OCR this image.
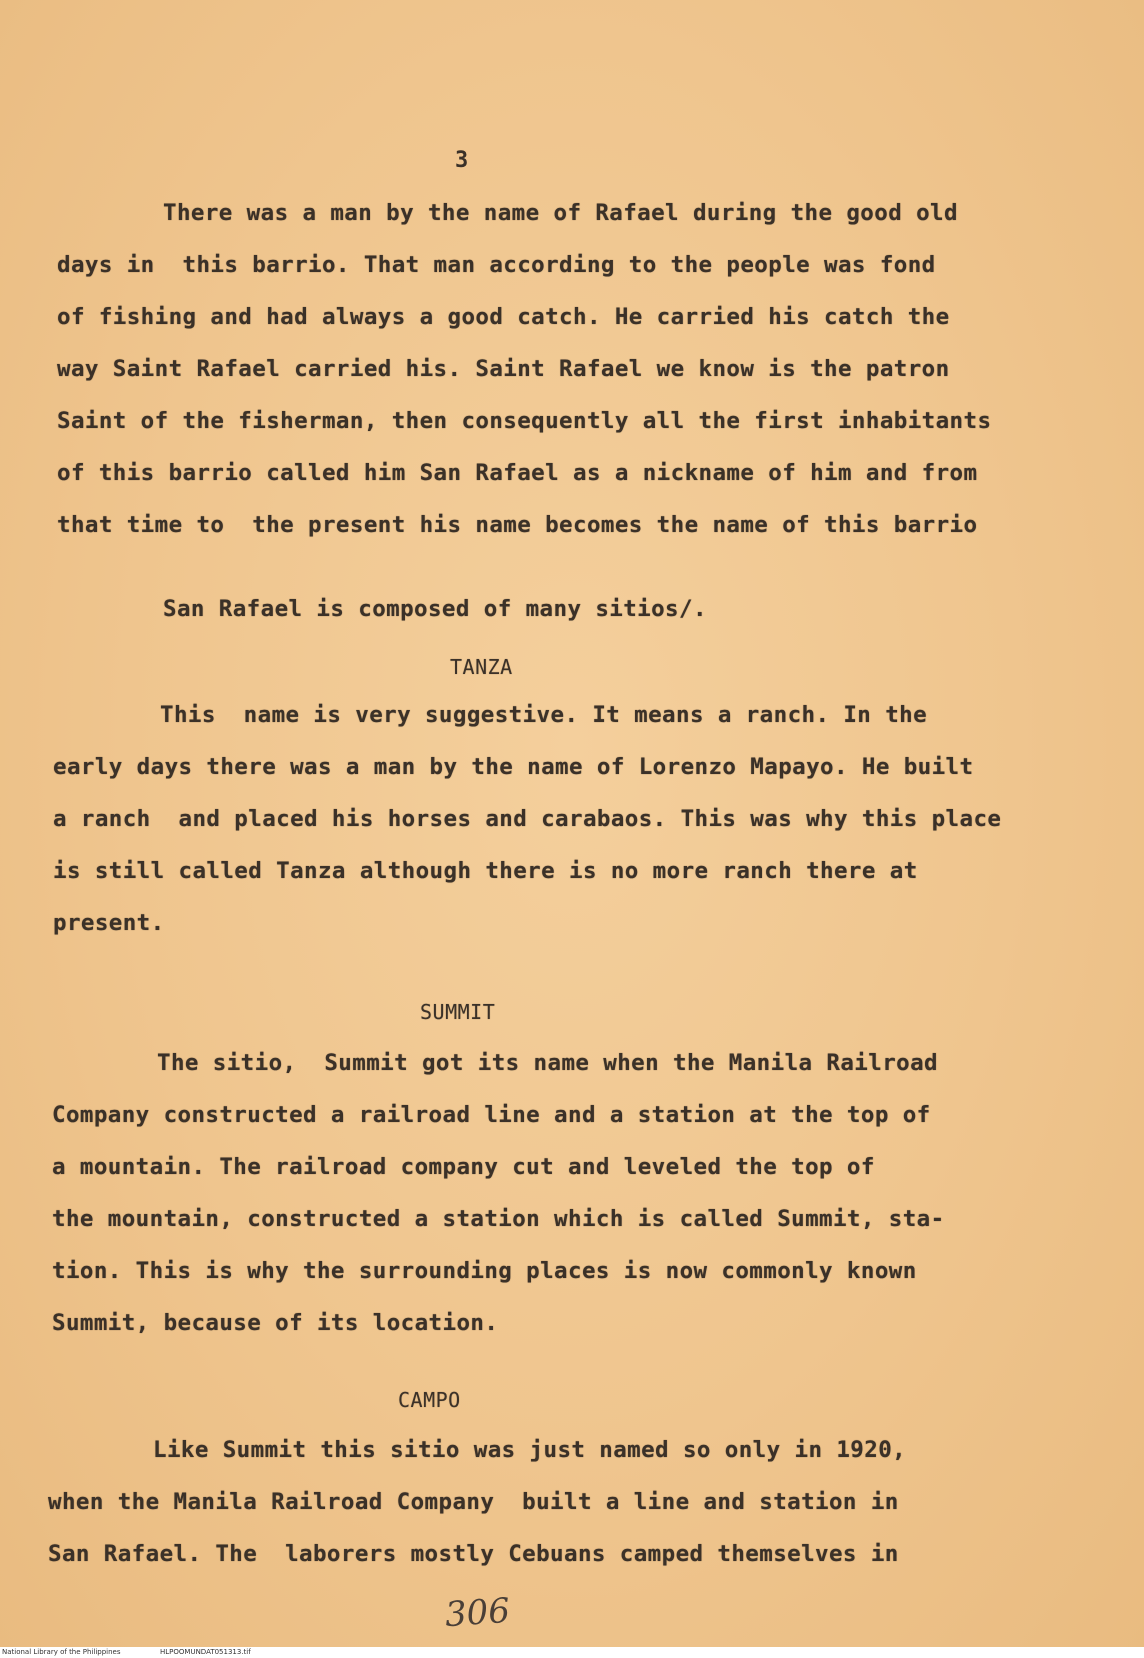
3
There was a man by the name of Rafael during the good old
days in  this barrio. That man according to the people was fond
of fishing and had always a good catch. He carried his catch the
way Saint Rafael carried his. Saint Rafael we know is the patron
Saint of the fisherman, then consequently all the first inhabitants
of this barrio called him San Rafael as a nickname of him and from
that time to  the present his name becomes the name of this barrio
San Rafael is composed of many sitios/.
TANZA
This  name is very suggestive. It means a ranch. In the
early days there was a man by the name of Lorenzo Mapayo. He built
a ranch  and placed his horses and carabaos. This was why this place
is still called Tanza although there is no more ranch there at
present.
SUMMIT
The sitio,  Summit got its name when the Manila Railroad
Company constructed a railroad line and a station at the top of
a mountain. The railroad company cut and leveled the top of
the mountain, constructed a station which is called Summit, sta-
tion. This is why the surrounding places is now commonly known
Summit, because of its location.
CAMPO
Like Summit this sitio was just named so only in 1920,
when the Manila Railroad Company  built a line and station in
San Rafael. The  laborers mostly Cebuans camped themselves in
306
National Library of the Philippines	HLPOOMUNDAT051313.tif
